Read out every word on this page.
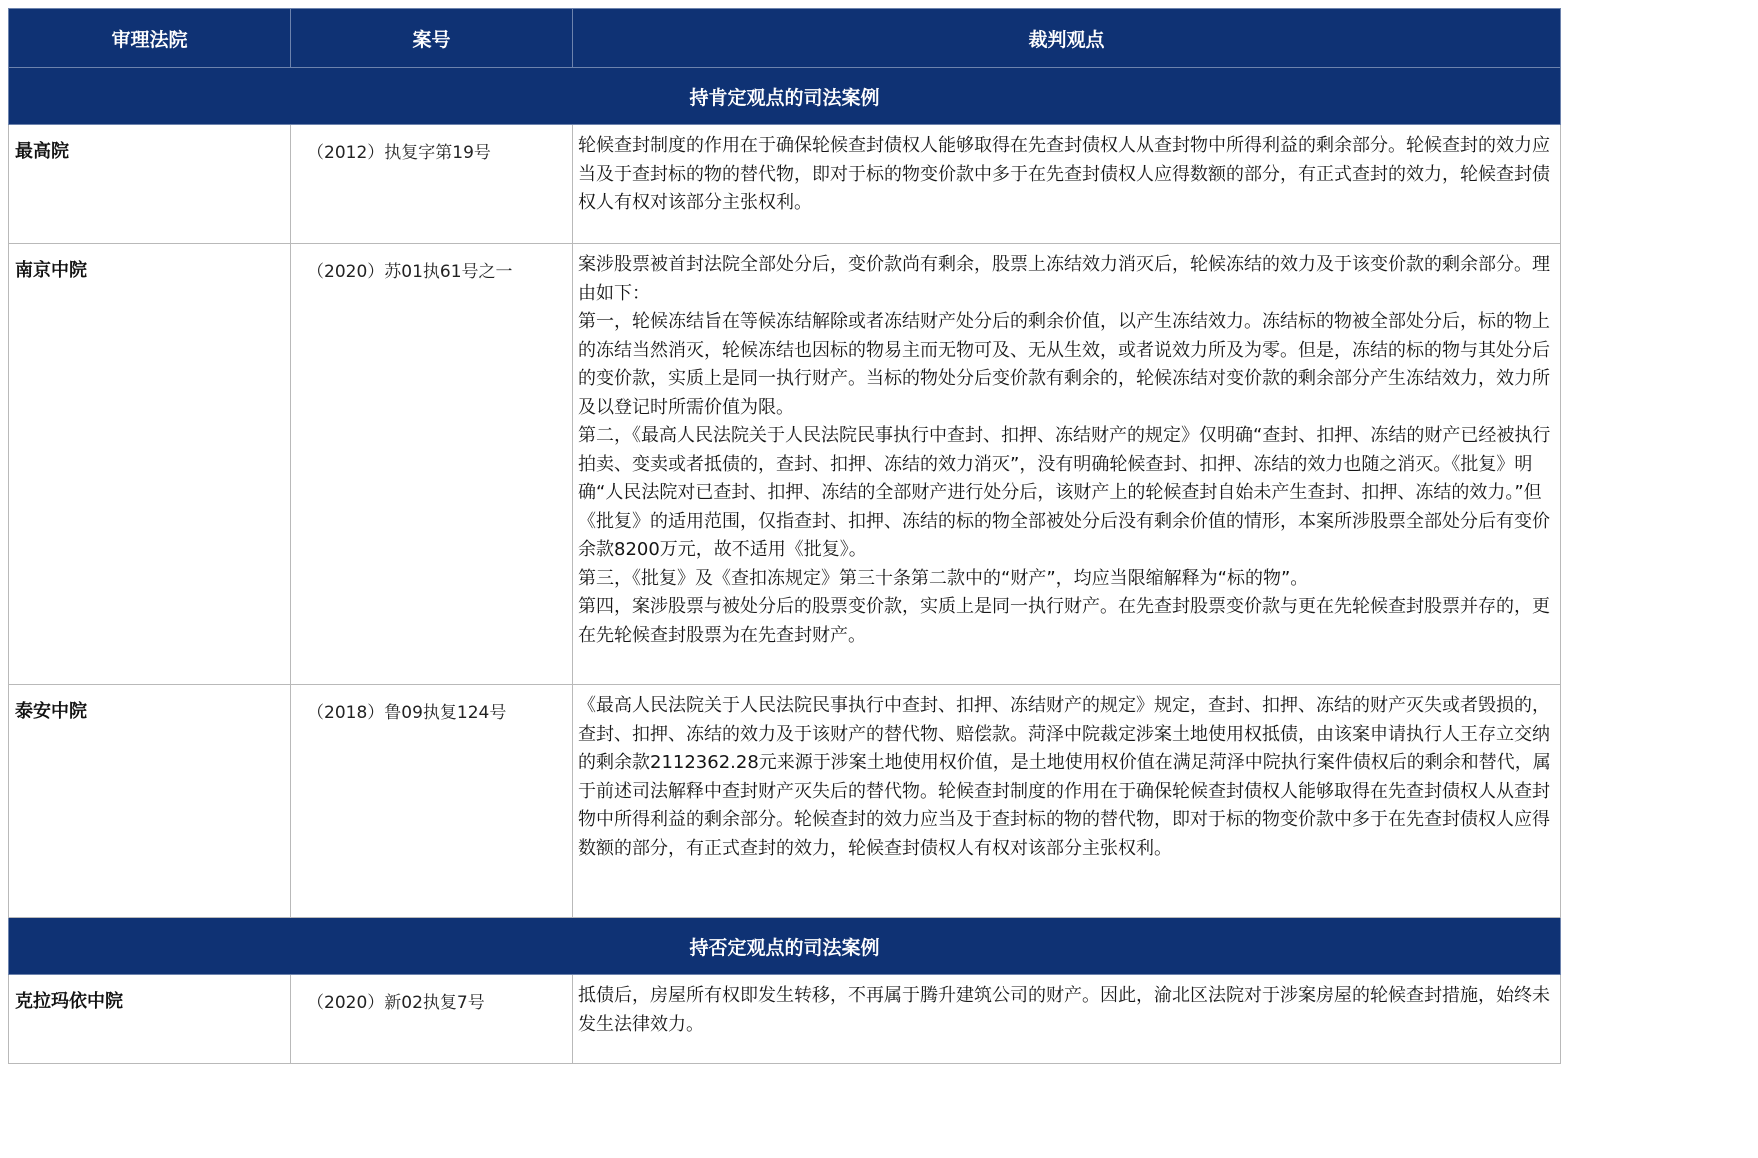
审理法院	案号	裁判观点
持肯定观点的司法案例		
最高院	（2012）执复字第19号	轮候查封制度的作用在于确保轮候查封债权人能够取得在先查封债权人从查封物中所得利益的剩余部分。轮候查封的效力应当及于查封标的物的替代物，即对于标的物变价款中多于在先查封债权人应得数额的部分，有正式查封的效力，轮候查封债权人有权对该部分主张权利。

南京中院	（2020）苏01执61号之一	案涉股票被首封法院全部处分后，变价款尚有剩余，股票上冻结效力消灭后，轮候冻结的效力及于该变价款的剩余部分。理由如下：

第一，轮候冻结旨在等候冻结解除或者冻结财产处分后的剩余价值，以产生冻结效力。冻结标的物被全部处分后，标的物上的冻结当然消灭，轮候冻结也因标的物易主而无物可及、无从生效，或者说效力所及为零。但是，冻结的标的物与其处分后的变价款，实质上是同一执行财产。当标的物处分后变价款有剩余的，轮候冻结对变价款的剩余部分产生冻结效力，效力所及以登记时所需价值为限。

第二，《最高人民法院关于人民法院民事执行中查封、扣押、冻结财产的规定》仅明确“查封、扣押、冻结的财产已经被执行拍卖、变卖或者抵债的，查封、扣押、冻结的效力消灭”，没有明确轮候查封、扣押、冻结的效力也随之消灭。《批复》明确“人民法院对已查封、扣押、冻结的全部财产进行处分后，该财产上的轮候查封自始未产生查封、扣押、冻结的效力。”但《批复》的适用范围，仅指查封、扣押、冻结的标的物全部被处分后没有剩余价值的情形，本案所涉股票全部处分后有变价余款8200万元，故不适用《批复》。

第三，《批复》及《查扣冻规定》第三十条第二款中的“财产”，均应当限缩解释为“标的物”。

第四，案涉股票与被处分后的股票变价款，实质上是同一执行财产。在先查封股票变价款与更在先轮候查封股票并存的，更在先轮候查封股票为在先查封财产。

泰安中院	（2018）鲁09执复124号	《最高人民法院关于人民法院民事执行中查封、扣押、冻结财产的规定》规定，查封、扣押、冻结的财产灭失或者毁损的，查封、扣押、冻结的效力及于该财产的替代物、赔偿款。菏泽中院裁定涉案土地使用权抵债，由该案申请执行人王存立交纳的剩余款2112362.28元来源于涉案土地使用权价值，是土地使用权价值在满足菏泽中院执行案件债权后的剩余和替代，属于前述司法解释中查封财产灭失后的替代物。轮候查封制度的作用在于确保轮候查封债权人能够取得在先查封债权人从查封物中所得利益的剩余部分。轮候查封的效力应当及于查封标的物的替代物，即对于标的物变价款中多于在先查封债权人应得数额的部分，有正式查封的效力，轮候查封债权人有权对该部分主张权利。

持否定观点的司法案例		
克拉玛依中院	（2020）新02执复7号	抵债后，房屋所有权即发生转移，不再属于腾升建筑公司的财产。因此，渝北区法院对于涉案房屋的轮候查封措施，始终未发生法律效力。
